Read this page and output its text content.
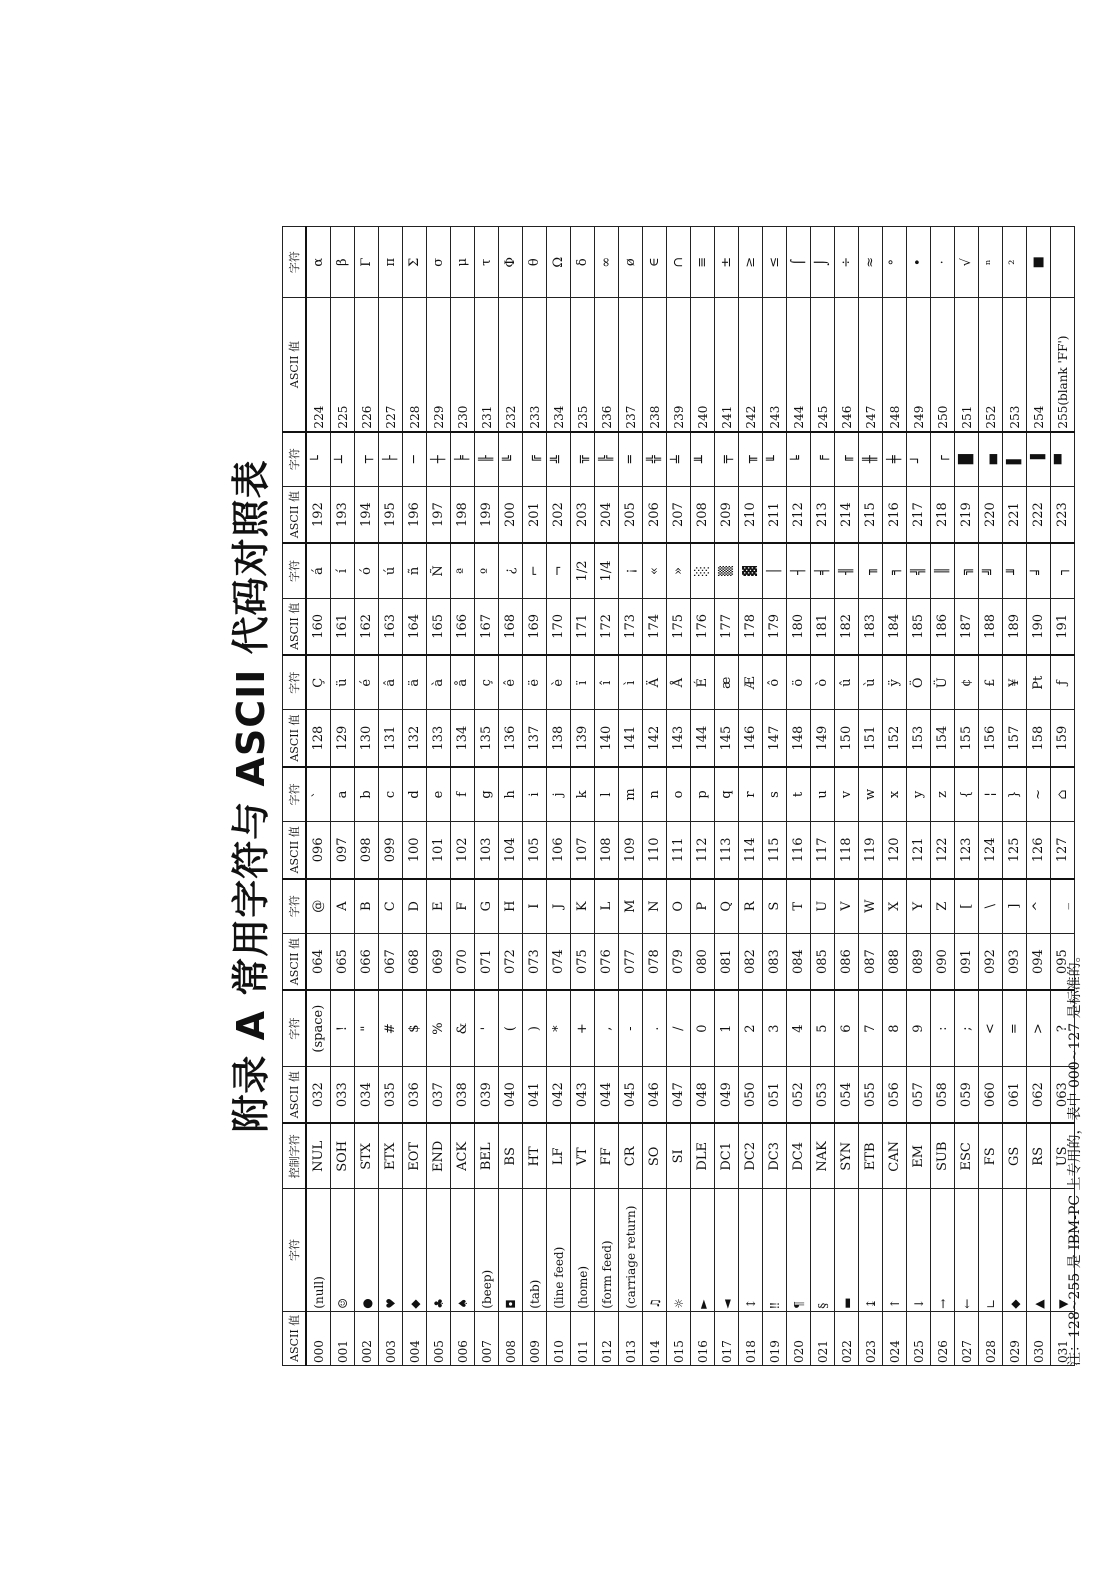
附录 A 常用字符与 ASCII 代码对照表
ASCII 值	字符	控制字符	ASCII 值	字符	ASCII 值	字符	ASCII 值	字符	ASCII 值	字符	ASCII 值	字符	ASCII 值	字符	ASCII 值	字符
000	(null)	NUL	032	(space)	064	@	096	ˋ	128	Ç	160	á	192	└	224	α
001	☺	SOH	033	!	065	A	097	a	129	ü	161	í	193	┴	225	β
002	●	STX	034	"	066	B	098	b	130	é	162	ó	194	┬	226	Γ
003	♥	ETX	035	#	067	C	099	c	131	â	163	ú	195	├	227	π
004	◆	EOT	036	$	068	D	100	d	132	ä	164	ñ	196	─	228	Σ
005	♣	END	037	%	069	E	101	e	133	à	165	Ñ	197	┼	229	σ
006	♠	ACK	038	&	070	F	102	f	134	å	166	ª	198	╞	230	μ
007	(beep)	BEL	039	'	071	G	103	g	135	ç	167	º	199	╟	231	τ
008	◘	BS	040	(	072	H	104	h	136	ê	168	¿	200	╚	232	Φ
009	(tab)	HT	041	)	073	I	105	i	137	ë	169	⌐	201	╔	233	θ
010	(line feed)	LF	042	*	074	J	106	j	138	è	170	¬	202	╩	234	Ω
011	(home)	VT	043	+	075	K	107	k	139	ï	171	1/2	203	╦	235	δ
012	(form feed)	FF	044	,	076	L	108	l	140	î	172	1/4	204	╠	236	∞
013	(carriage return)	CR	045	-	077	M	109	m	141	ì	173	¡	205	═	237	ø
014	♫	SO	046	.	078	N	110	n	142	Ä	174	«	206	╬	238	∈
015	☼	SI	047	/	079	O	111	o	143	Å	175	»	207	╧	239	∩
016	►	DLE	048	0	080	P	112	p	144	É	176	░	208	╨	240	≡
017	◄	DC1	049	1	081	Q	113	q	145	æ	177	▒	209	╤	241	±
018	↕	DC2	050	2	082	R	114	r	146	Æ	178	▓	210	╥	242	≥
019	‼	DC3	051	3	083	S	115	s	147	ô	179	│	211	╙	243	≤
020	¶	DC4	052	4	084	T	116	t	148	ö	180	┤	212	╘	244	⌠
021	§	NAK	053	5	085	U	117	u	149	ò	181	╡	213	╒	245	⌡
022	▬	SYN	054	6	086	V	118	v	150	û	182	╢	214	╓	246	÷
023	↨	ETB	055	7	087	W	119	w	151	ù	183	╖	215	╫	247	≈
024	↑	CAN	056	8	088	X	120	x	152	ÿ	184	╕	216	╪	248	°
025	↓	EM	057	9	089	Y	121	y	153	Ö	185	╣	217	┘	249	•
026	→	SUB	058	:	090	Z	122	z	154	Ü	186	║	218	┌	250	·
027	←	ESC	059	;	091	[	123	{	155	¢	187	╗	219	█	251	√
028	∟	FS	060	<	092	\	124	¦	156	£	188	╝	220	▄	252	ⁿ
029	◆	GS	061	=	093	]	125	}	157	¥	189	╜	221	▌	253	²
030	▲	RS	062	>	094	^	126	~	158	Pt	190	╛	222	▐	254	■
031	▼	US	063	?	095	_	127	⌂	159	ƒ	191	┐	223	▀	255(blank 'FF')	
注：128~255 是 IBM-PC 上专用的，表中 000~127 是标准的。
